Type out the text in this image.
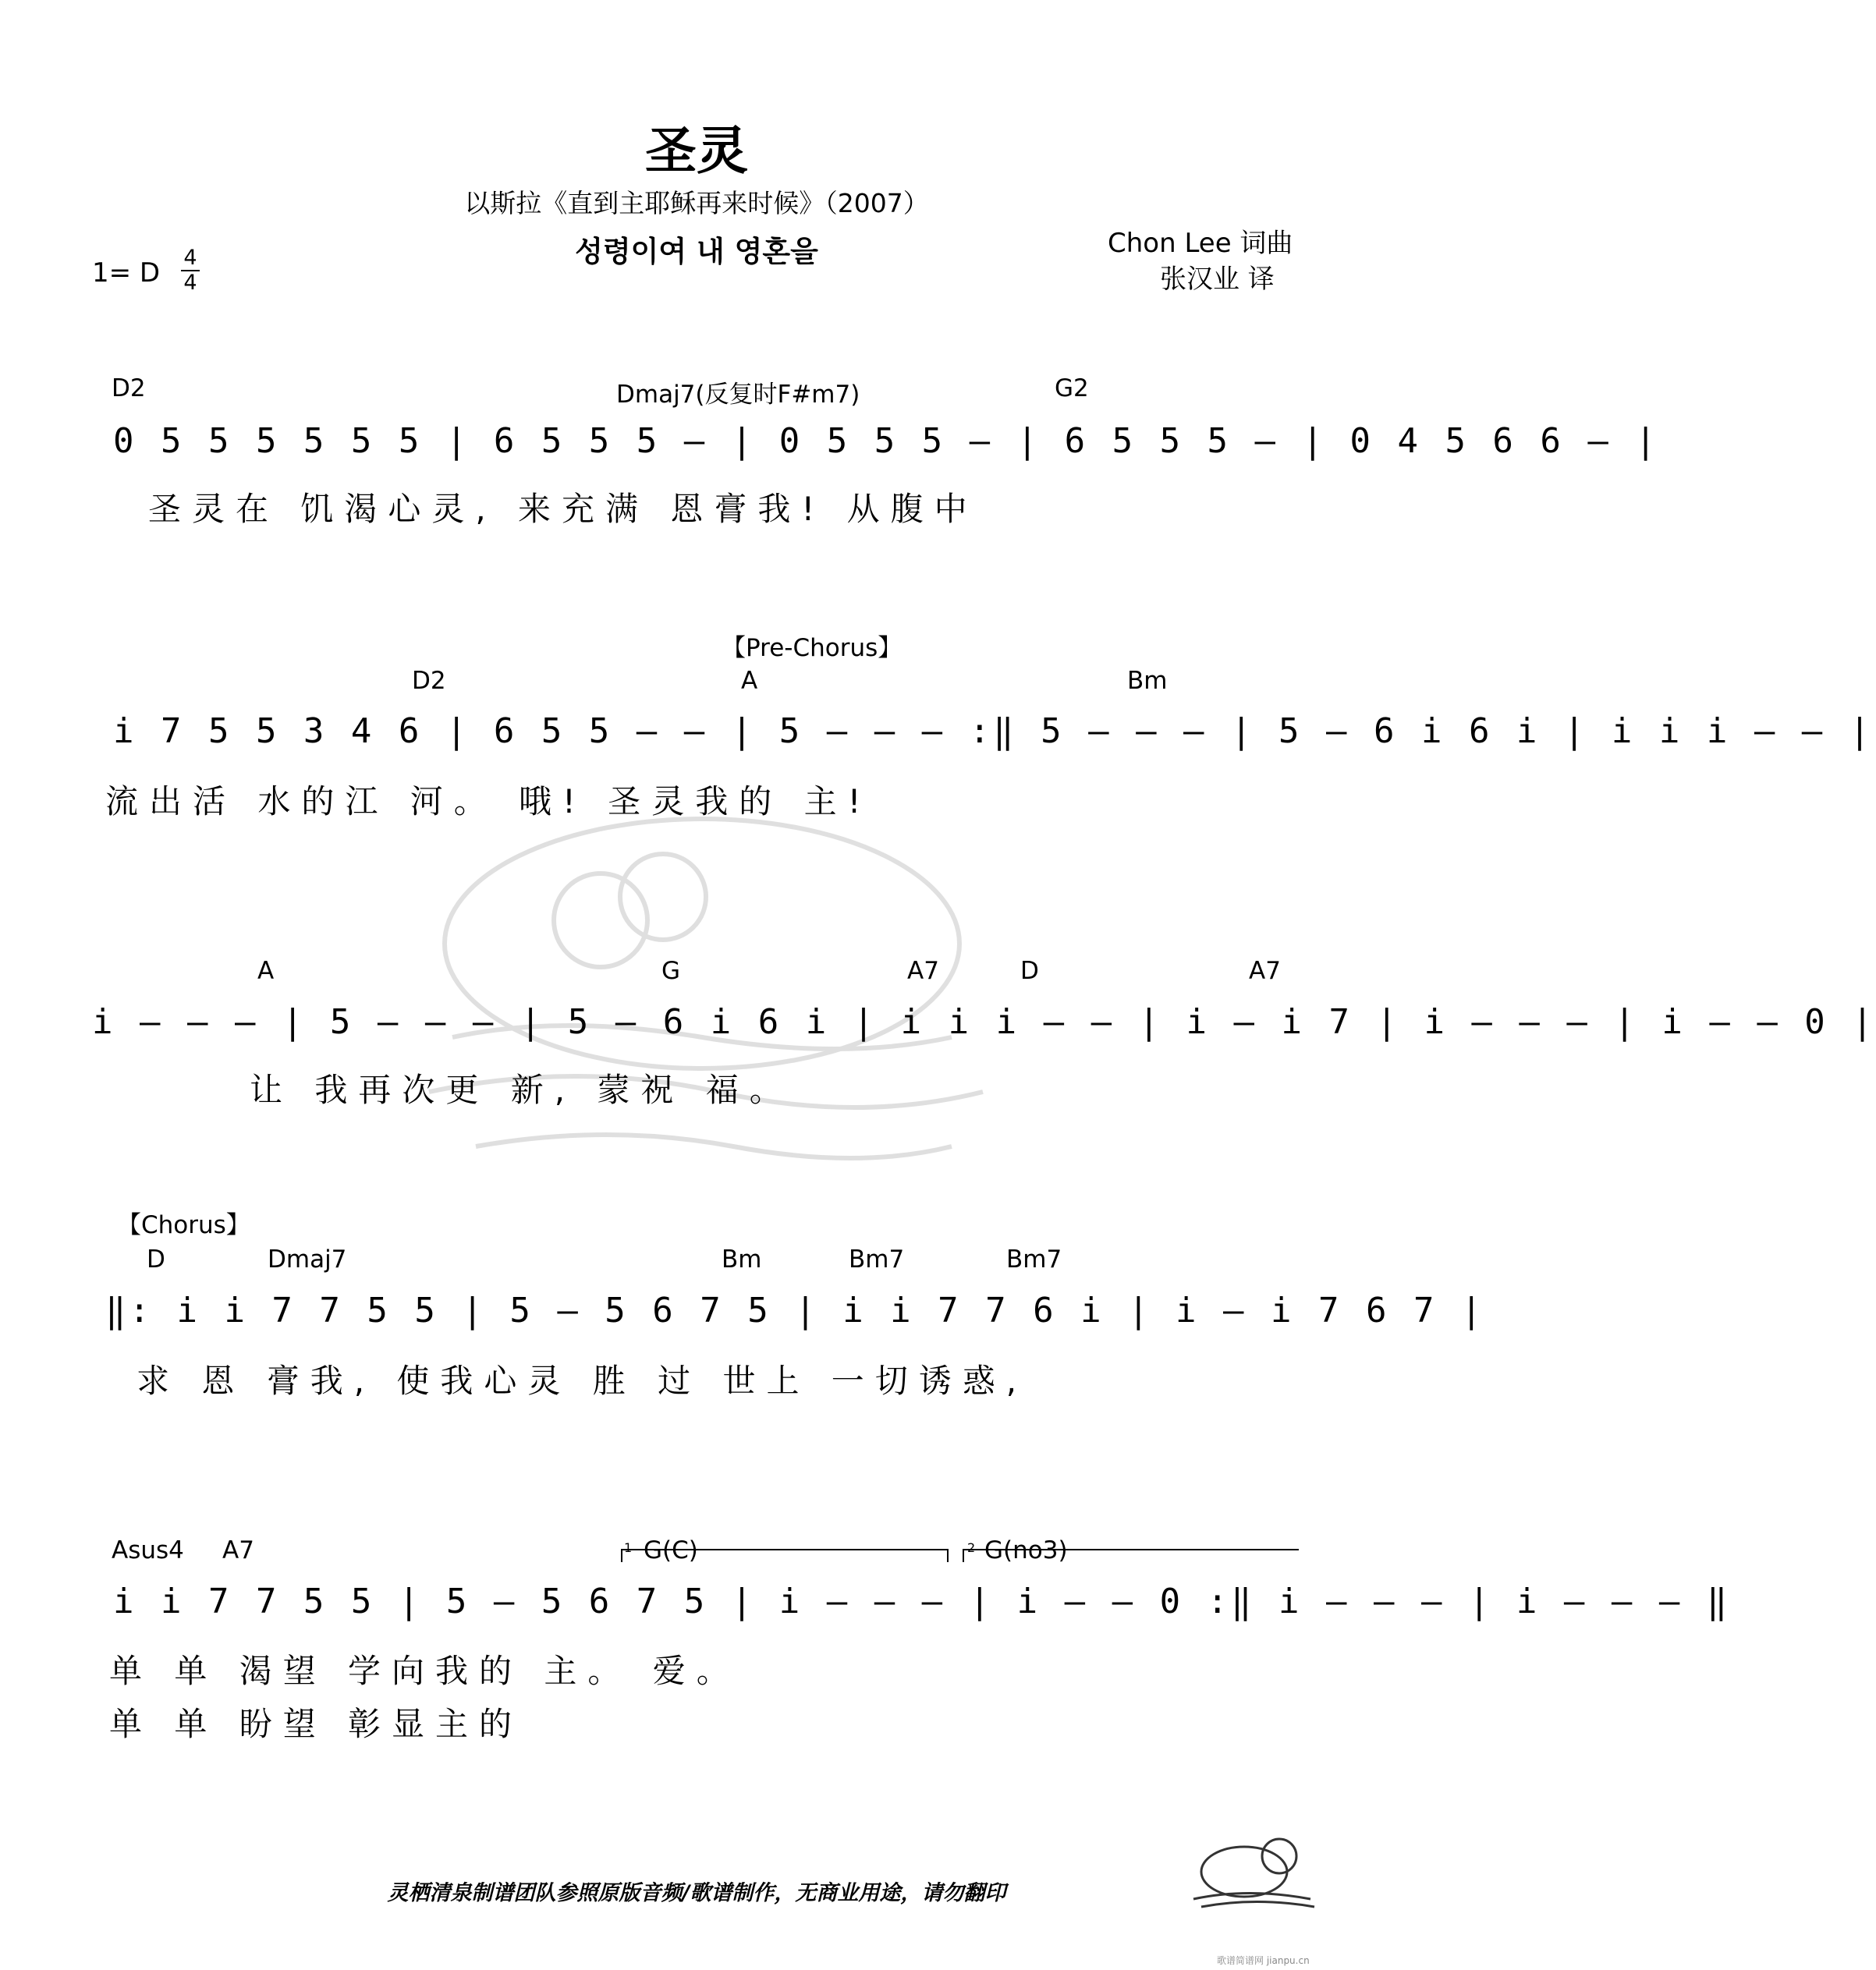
圣灵
以斯拉《直到主耶稣再来时候》（2007）
성령이여 내 영혼을
1= D 4
4
Chon Lee 词曲
张汉业 译
D2	Dmaj7(反复时F#m7)	G2
0 5 5 5 5 5 5 | 6 5 5 5 — | 0 5 5 5 — | 6 5 5 5 — | 0 4 5 6 6 — |
圣灵在 饥渴心灵, 来充满 恩膏我! 从腹中
【Pre-Chorus】
D2	A	Bm
i 7 5 5 3 4 6 | 6 5 5 — — | 5 — — — :‖ 5 — — — | 5 — 6 i 6 i | i i i — — |
流出活 水的江 河。 哦! 圣灵我的 主!
A	G	A7	D	A7
i — — — | 5 — — — | 5 — 6 i 6 i | i i i — — | i — i 7 | i — — — | i — — 0 |
让 我再次更 新, 蒙祝 福。
【Chorus】
D	Dmaj7	Bm	Bm7	Bm7
‖: i i 7 7 5 5 | 5 — 5 6 7 5 | i i 7 7 6 i | i — i 7 6 7 |
求 恩 膏我, 使我心灵 胜 过 世上 一切诱惑,
Asus4 A7	1 G(C)	2 G(no3)
i i 7 7 5 5 | 5 — 5 6 7 5 | i — — — | i — — 0 :‖ i — — — | i — — — ‖
单 单 渴望 学向我的 主。 爱。
单 单 盼望 彰显主的
灵栖清泉制谱团队参照原版音频/歌谱制作，无商业用途，请勿翻印
歌谱简谱网 jianpu.cn
